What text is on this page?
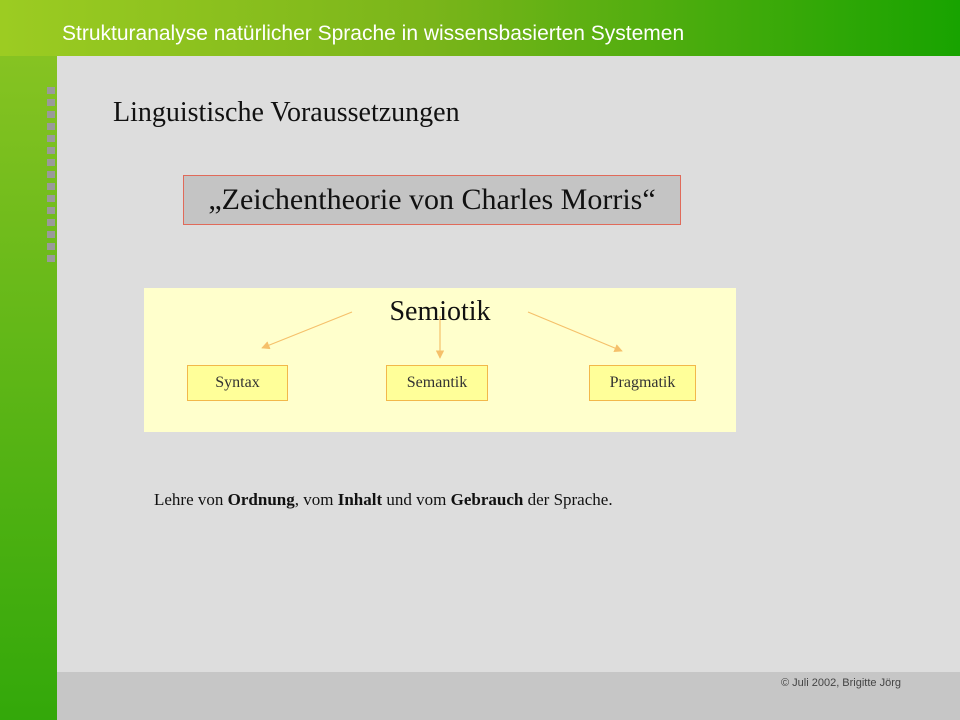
Strukturanalyse natürlicher Sprache in wissensbasierten Systemen
Linguistische Voraussetzungen
„Zeichentheorie von Charles Morris“
Semiotik
Syntax	Semantik	Pragmatik
Lehre von Ordnung, vom Inhalt und vom Gebrauch der Sprache.
© Juli 2002, Brigitte Jörg
